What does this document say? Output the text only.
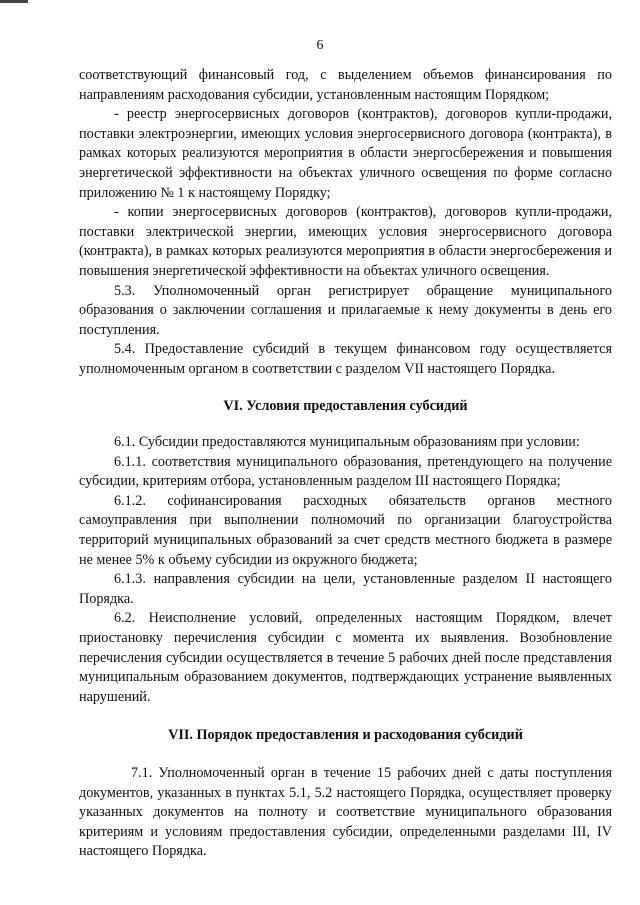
6

соответствующий финансовый год, с выделением объемов финансирования по направлениям расходования субсидии, установленным настоящим Порядком;

- реестр энергосервисных договоров (контрактов), договоров купли-продажи, поставки электроэнергии, имеющих условия энергосервисного договора (контракта), в рамках которых реализуются мероприятия в области энергосбережения и повышения энергетической эффективности на объектах уличного освещения по форме согласно приложению № 1 к настоящему Порядку;

- копии энергосервисных договоров (контрактов), договоров купли-продажи, поставки электрической энергии, имеющих условия энергосервисного договора (контракта), в рамках которых реализуются мероприятия в области энергосбережения и повышения энергетической эффективности на объектах уличного освещения.

5.3. Уполномоченный орган регистрирует обращение муниципального образования о заключении соглашения и прилагаемые к нему документы в день его поступления.

5.4. Предоставление субсидий в текущем финансовом году осуществляется уполномоченным органом в соответствии с разделом VII настоящего Порядка.

VI. Условия предоставления субсидий

6.1. Субсидии предоставляются муниципальным образованиям при условии:

6.1.1. соответствия муниципального образования, претендующего на получение субсидии, критериям отбора, установленным разделом III настоящего Порядка;

6.1.2. софинансирования расходных обязательств органов местного самоуправления при выполнении полномочий по организации благоустройства территорий муниципальных образований за счет средств местного бюджета в размере не менее 5% к объему субсидии из окружного бюджета;

6.1.3. направления субсидии на цели, установленные разделом II настоящего Порядка.

6.2. Неисполнение условий, определенных настоящим Порядком, влечет приостановку перечисления субсидии с момента их выявления. Возобновление перечисления субсидии осуществляется в течение 5 рабочих дней после представления муниципальным образованием документов, подтверждающих устранение выявленных нарушений.

VII. Порядок предоставления и расходования субсидий

7.1. Уполномоченный орган в течение 15 рабочих дней с даты поступления документов, указанных в пунктах 5.1, 5.2 настоящего Порядка, осуществляет проверку указанных документов на полноту и соответствие муниципального образования критериям и условиям предоставления субсидии, определенными разделами III, IV настоящего Порядка.
